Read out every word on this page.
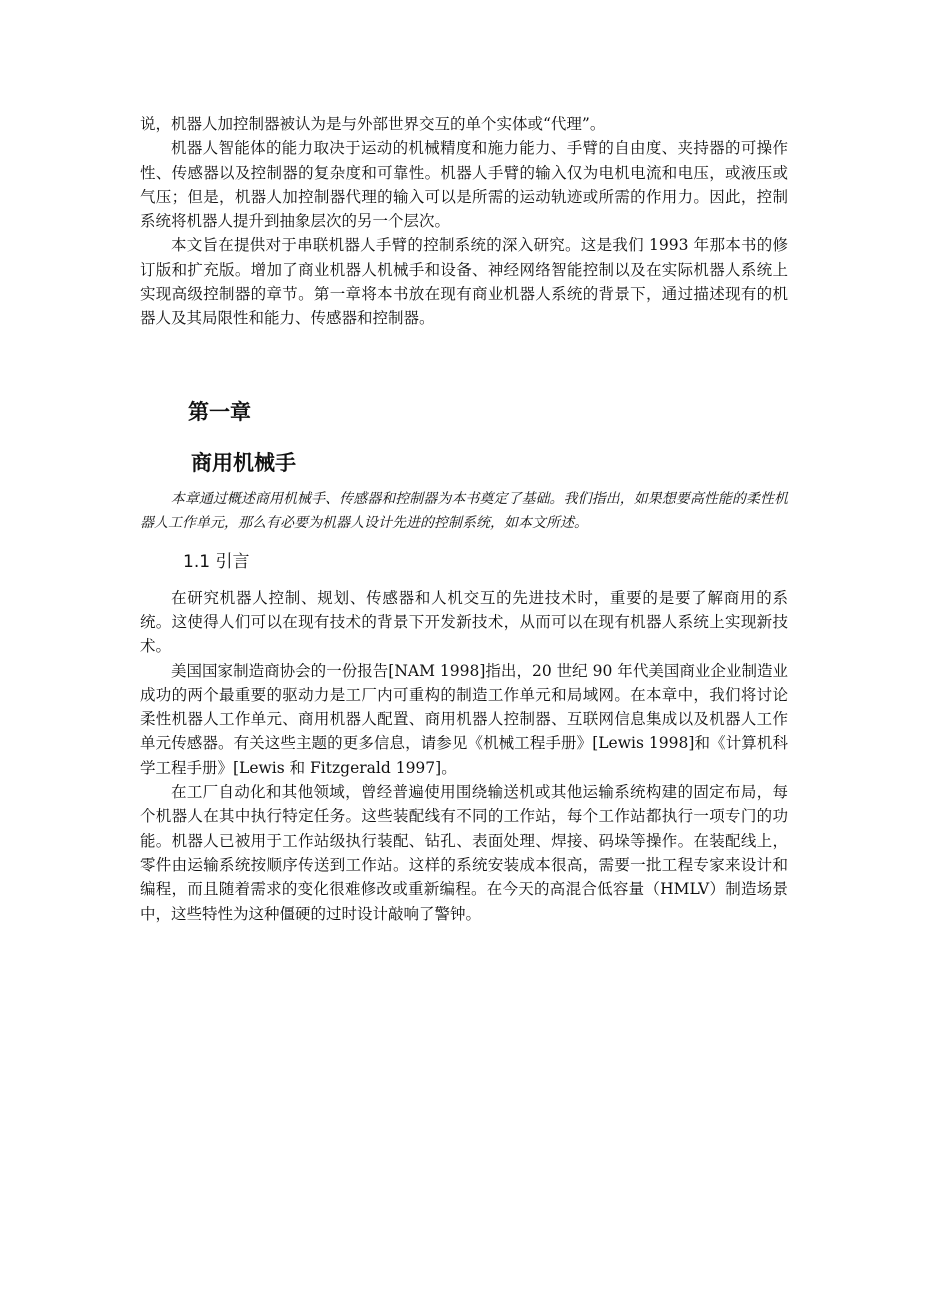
说，机器人加控制器被认为是与外部世界交互的单个实体或“代理”。

机器人智能体的能力取决于运动的机械精度和施力能力、手臂的自由度、夹持器的可操作性、传感器以及控制器的复杂度和可靠性。机器人手臂的输入仅为电机电流和电压，或液压或气压；但是，机器人加控制器代理的输入可以是所需的运动轨迹或所需的作用力。因此，控制系统将机器人提升到抽象层次的另一个层次。

本文旨在提供对于串联机器人手臂的控制系统的深入研究。这是我们 1993 年那本书的修订版和扩充版。增加了商业机器人机械手和设备、神经网络智能控制以及在实际机器人系统上实现高级控制器的章节。第一章将本书放在现有商业机器人系统的背景下，通过描述现有的机器人及其局限性和能力、传感器和控制器。

第一章
商用机械手

本章通过概述商用机械手、传感器和控制器为本书奠定了基础。我们指出，如果想要高性能的柔性机器人工作单元，那么有必要为机器人设计先进的控制系统，如本文所述。

1.1 引言

在研究机器人控制、规划、传感器和人机交互的先进技术时，重要的是要了解商用的系统。这使得人们可以在现有技术的背景下开发新技术，从而可以在现有机器人系统上实现新技术。

美国国家制造商协会的一份报告[NAM 1998]指出，20 世纪 90 年代美国商业企业制造业成功的两个最重要的驱动力是工厂内可重构的制造工作单元和局域网。在本章中，我们将讨论柔性机器人工作单元、商用机器人配置、商用机器人控制器、互联网信息集成以及机器人工作单元传感器。有关这些主题的更多信息，请参见《机械工程手册》[Lewis 1998]和《计算机科学工程手册》[Lewis 和 Fitzgerald 1997]。

在工厂自动化和其他领域，曾经普遍使用围绕输送机或其他运输系统构建的固定布局，每个机器人在其中执行特定任务。这些装配线有不同的工作站，每个工作站都执行一项专门的功能。机器人已被用于工作站级执行装配、钻孔、表面处理、焊接、码垛等操作。在装配线上，零件由运输系统按顺序传送到工作站。这样的系统安装成本很高，需要一批工程专家来设计和编程，而且随着需求的变化很难修改或重新编程。在今天的高混合低容量（HMLV）制造场景中，这些特性为这种僵硬的过时设计敲响了警钟。
